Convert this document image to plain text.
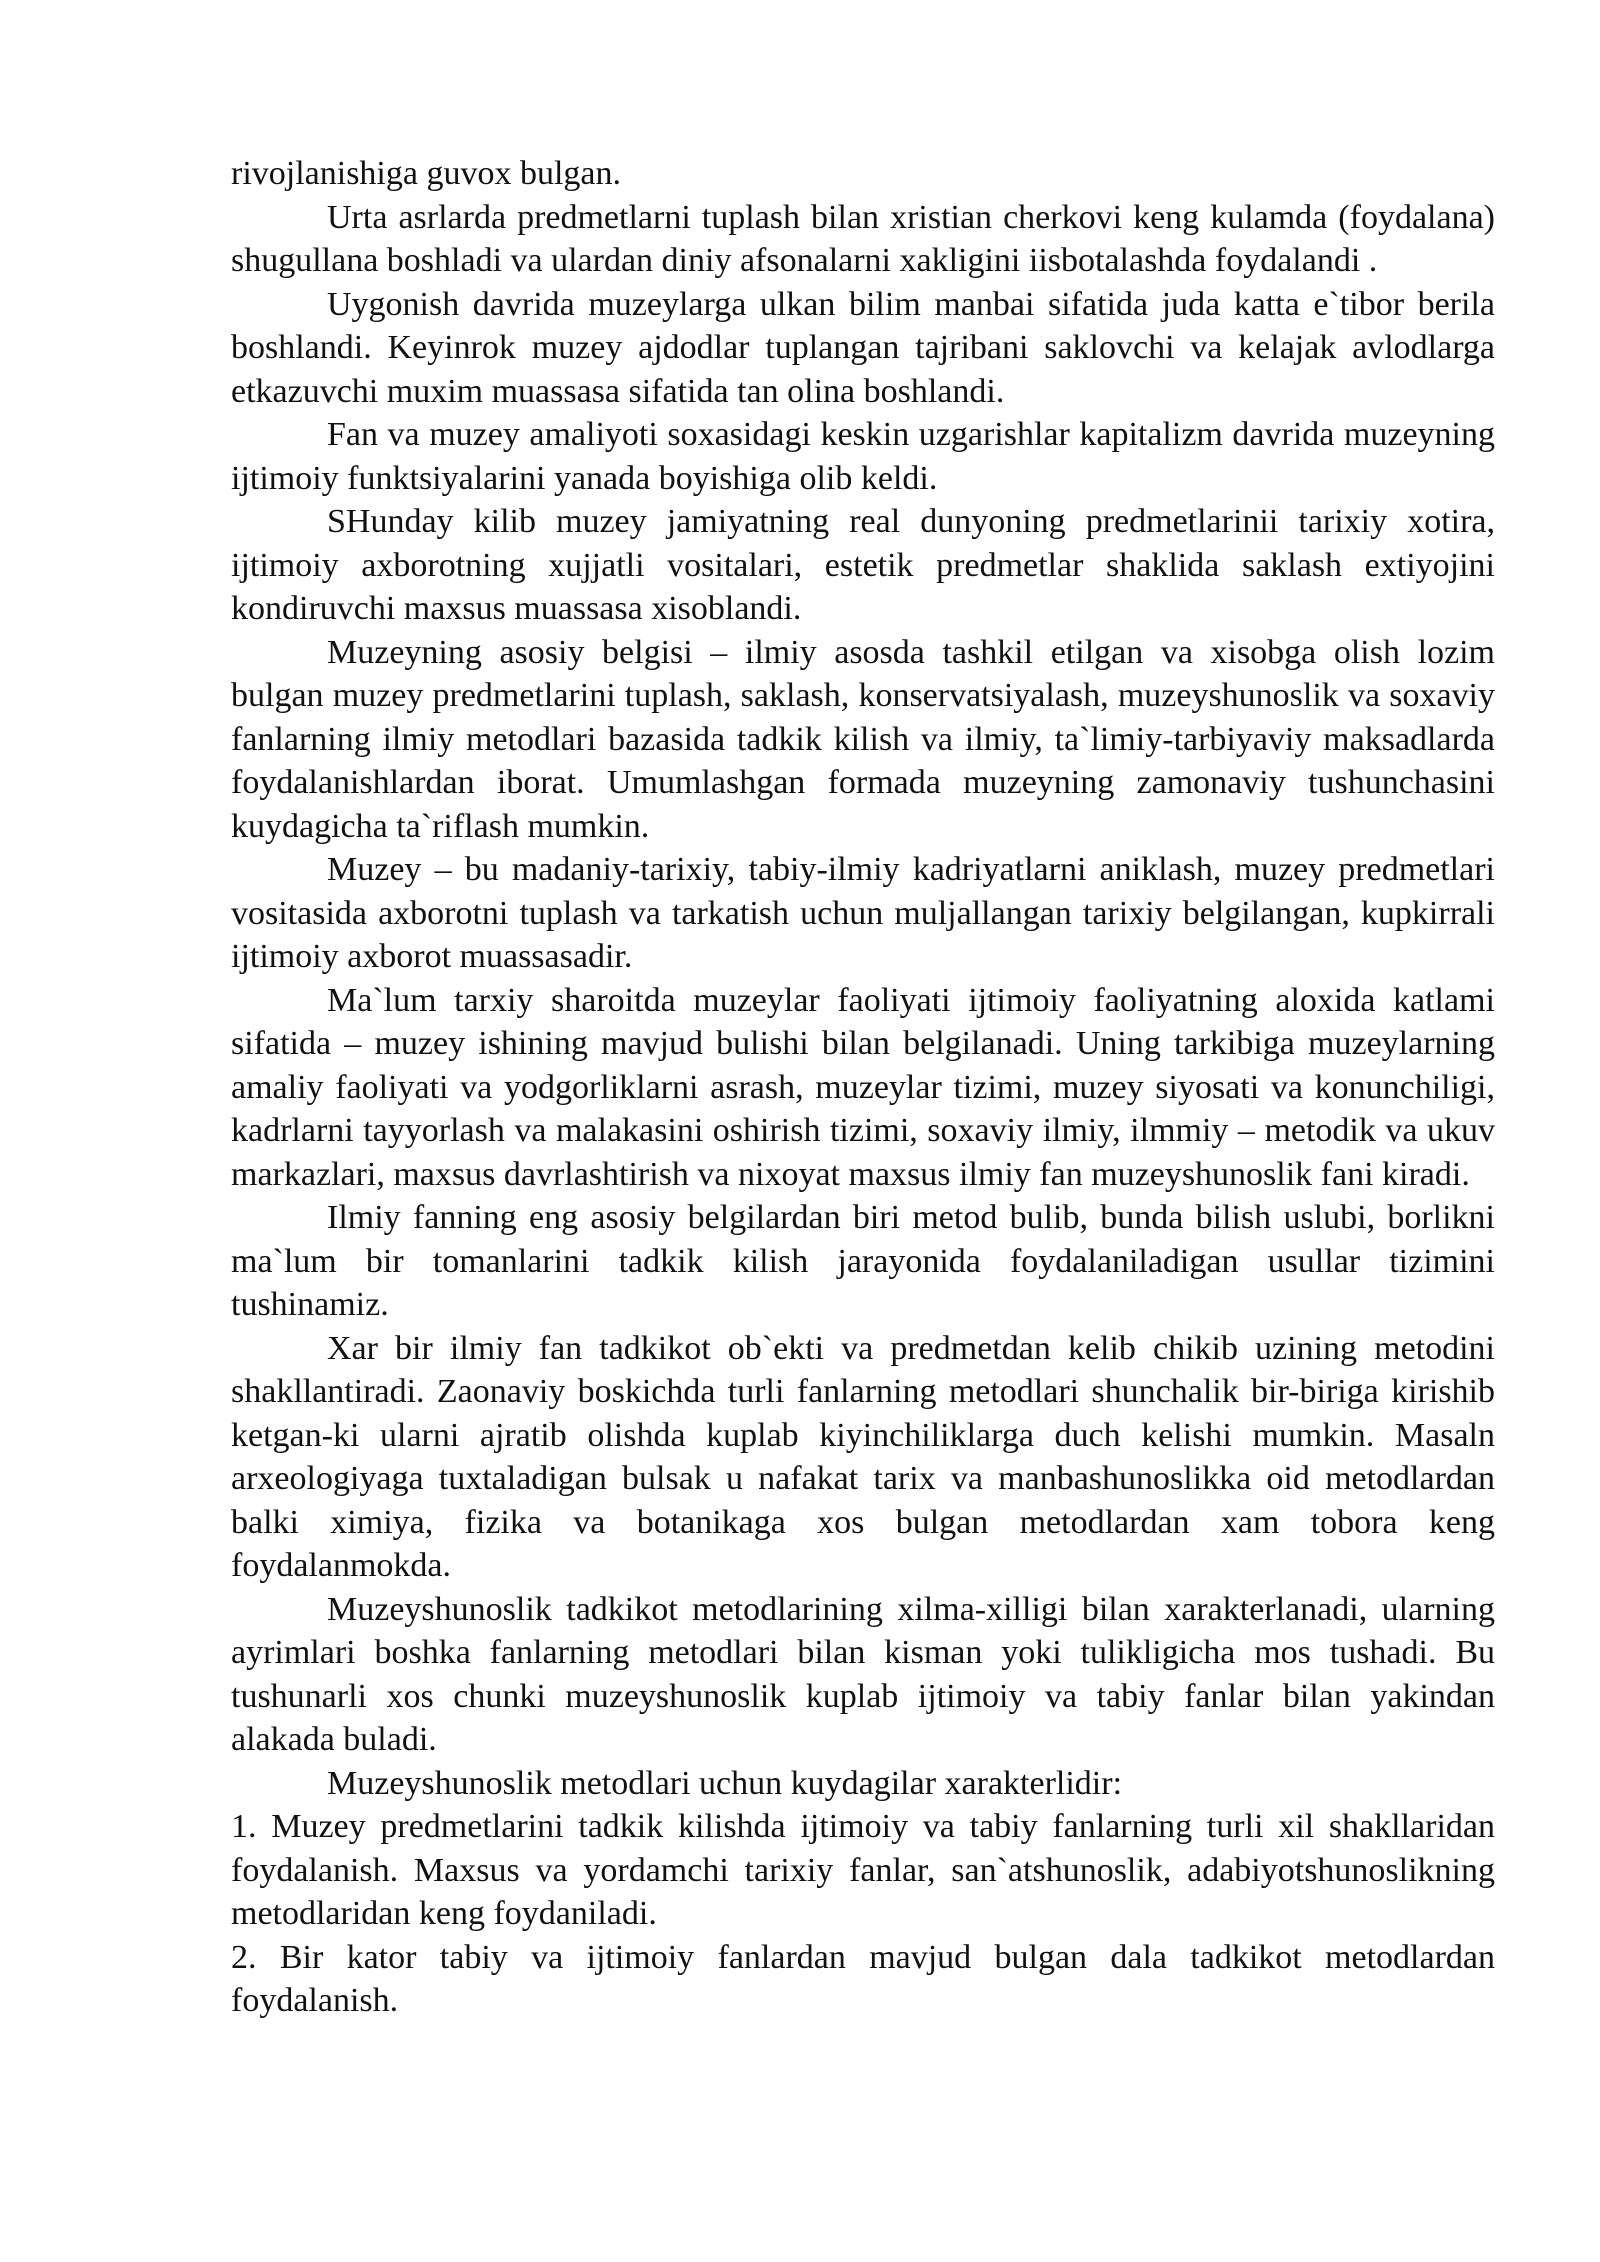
rivojlanishiga guvox bulgan.

Urta asrlarda predmetlarni tuplash bilan xristian cherkovi keng kulamda (foydalana) shugullana boshladi va ulardan diniy afsonalarni xakligini iisbotalashda foydalandi .

Uygonish davrida muzeylarga ulkan bilim manbai sifatida juda katta e`tibor berila boshlandi. Keyinrok muzey ajdodlar tuplangan tajribani saklovchi va kelajak avlodlarga etkazuvchi muxim muassasa sifatida tan olina boshlandi.

Fan va muzey amaliyoti soxasidagi keskin uzgarishlar kapitalizm davrida muzeyning ijtimoiy funktsiyalarini yanada boyishiga olib keldi.

SHunday kilib muzey jamiyatning real dunyoning predmetlarinii tarixiy xotira, ijtimoiy axborotning xujjatli vositalari, estetik predmetlar shaklida saklash extiyojini kondiruvchi maxsus muassasa xisoblandi.

Muzeyning asosiy belgisi – ilmiy asosda tashkil etilgan va xisobga olish lozim bulgan muzey predmetlarini tuplash, saklash, konservatsiyalash, muzeyshunoslik va soxaviy fanlarning ilmiy metodlari bazasida tadkik kilish va ilmiy, ta`limiy-tarbiyaviy maksadlarda foydalanishlardan iborat. Umumlashgan formada muzeyning zamonaviy tushunchasini kuydagicha ta`riflash mumkin.

Muzey – bu madaniy-tarixiy, tabiy-ilmiy kadriyatlarni aniklash, muzey predmetlari vositasida axborotni tuplash va tarkatish uchun muljallangan tarixiy belgilangan, kupkirrali ijtimoiy axborot muassasadir.

Ma`lum tarxiy sharoitda muzeylar faoliyati ijtimoiy faoliyatning aloxida katlami sifatida – muzey ishining mavjud bulishi bilan belgilanadi. Uning tarkibiga muzeylarning amaliy faoliyati va yodgorliklarni asrash, muzeylar tizimi, muzey siyosati va konunchiligi, kadrlarni tayyorlash va malakasini oshirish tizimi, soxaviy ilmiy, ilmmiy – metodik va ukuv markazlari, maxsus davrlashtirish va nixoyat maxsus ilmiy fan muzeyshunoslik fani kiradi.

Ilmiy fanning eng asosiy belgilardan biri metod bulib, bunda bilish uslubi, borlikni ma`lum bir tomanlarini tadkik kilish jarayonida foydalaniladigan usullar tizimini tushinamiz.

Xar bir ilmiy fan tadkikot ob`ekti va predmetdan kelib chikib uzining metodini shakllantiradi. Zaonaviy boskichda turli fanlarning metodlari shunchalik bir-biriga kirishib ketgan-ki ularni ajratib olishda kuplab kiyinchiliklarga duch kelishi mumkin. Masaln arxeologiyaga tuxtaladigan bulsak u nafakat tarix va manbashunoslikka oid metodlardan balki ximiya, fizika va botanikaga xos bulgan metodlardan xam tobora keng foydalanmokda.

Muzeyshunoslik tadkikot metodlarining xilma-xilligi bilan xarakterlanadi, ularning ayrimlari boshka fanlarning metodlari bilan kisman yoki tulikligicha mos tushadi. Bu tushunarli xos chunki muzeyshunoslik kuplab ijtimoiy va tabiy fanlar bilan yakindan alakada buladi.

Muzeyshunoslik metodlari uchun kuydagilar xarakterlidir:

1. Muzey predmetlarini tadkik kilishda ijtimoiy va tabiy fanlarning turli xil shakllaridan foydalanish. Maxsus va yordamchi tarixiy fanlar, san`atshunoslik, adabiyotshunoslikning metodlaridan keng foydaniladi.

2. Bir kator tabiy va ijtimoiy fanlardan mavjud bulgan dala tadkikot metodlardan foydalanish.
